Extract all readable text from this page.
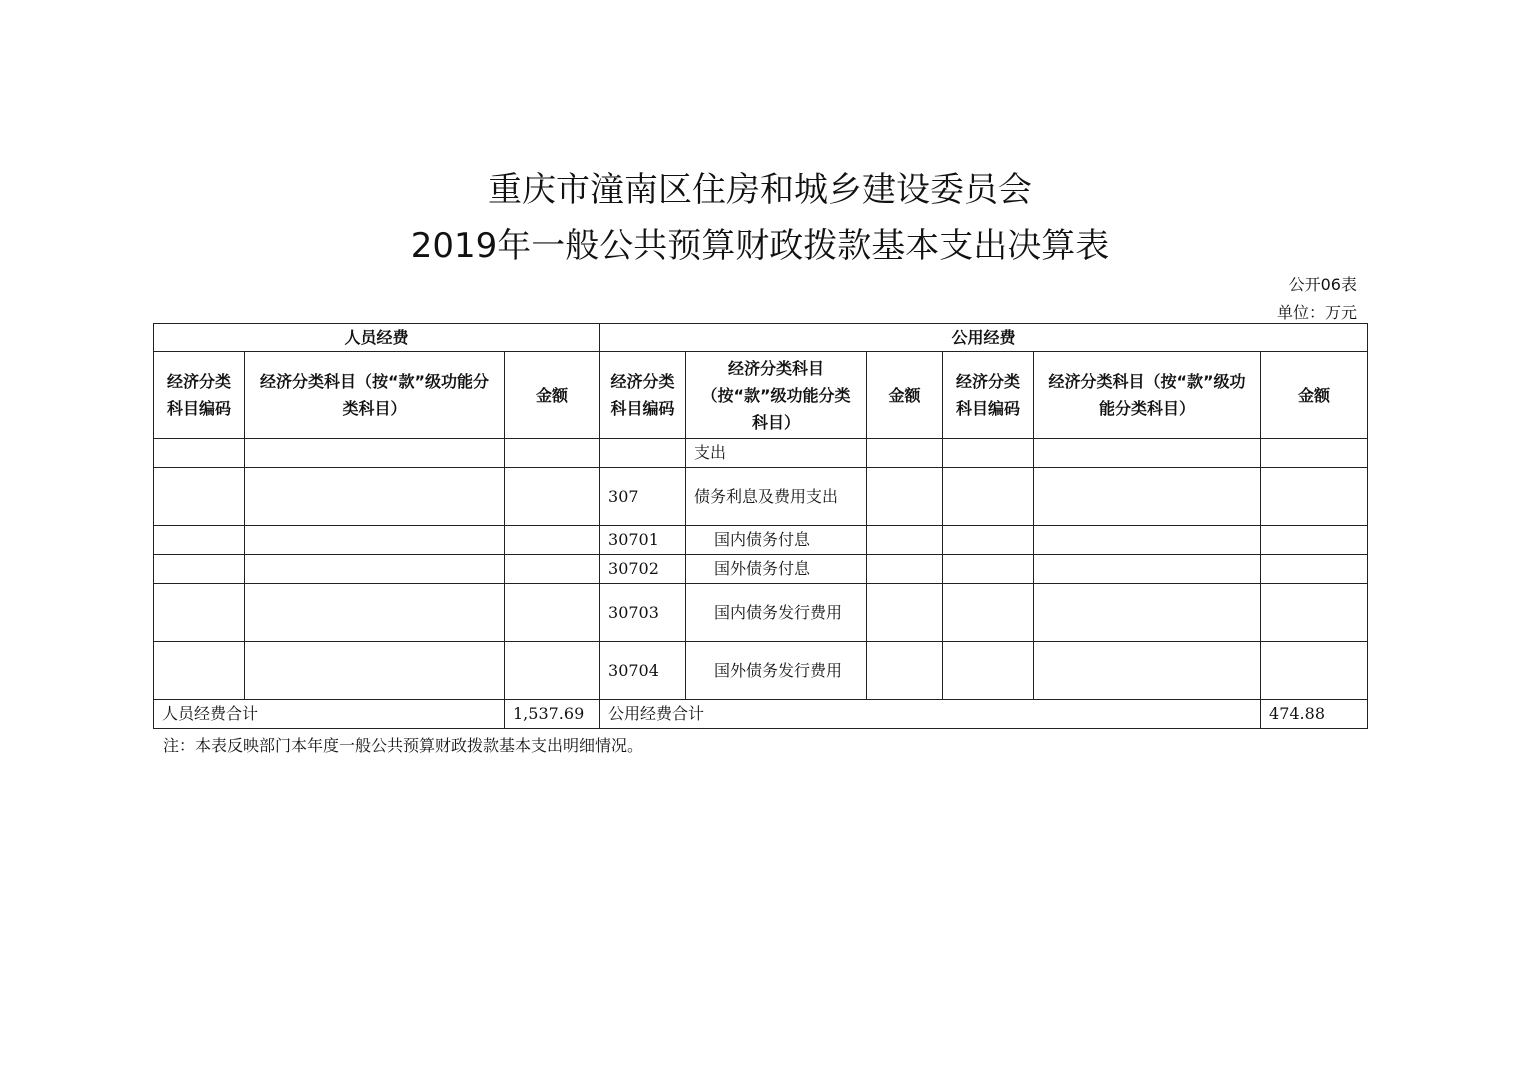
重庆市潼南区住房和城乡建设委员会
2019年一般公共预算财政拨款基本支出决算表
公开06表
单位：万元
人员经费			公用经费					
经济分类科目编码	经济分类科目（按“款”级功能分类科目）	金额	经济分类科目编码	经济分类科目（按“款”级功能分类科目）	金额	经济分类科目编码	经济分类科目（按“款”级功能分类科目）	金额
				支出				
			307	债务利息及费用支出				
			30701	国内债务付息				
			30702	国外债务付息				
			30703	国内债务发行费用				
			30704	国外债务发行费用				
人员经费合计		1,537.69	公用经费合计					474.88
注：本表反映部门本年度一般公共预算财政拨款基本支出明细情况。
